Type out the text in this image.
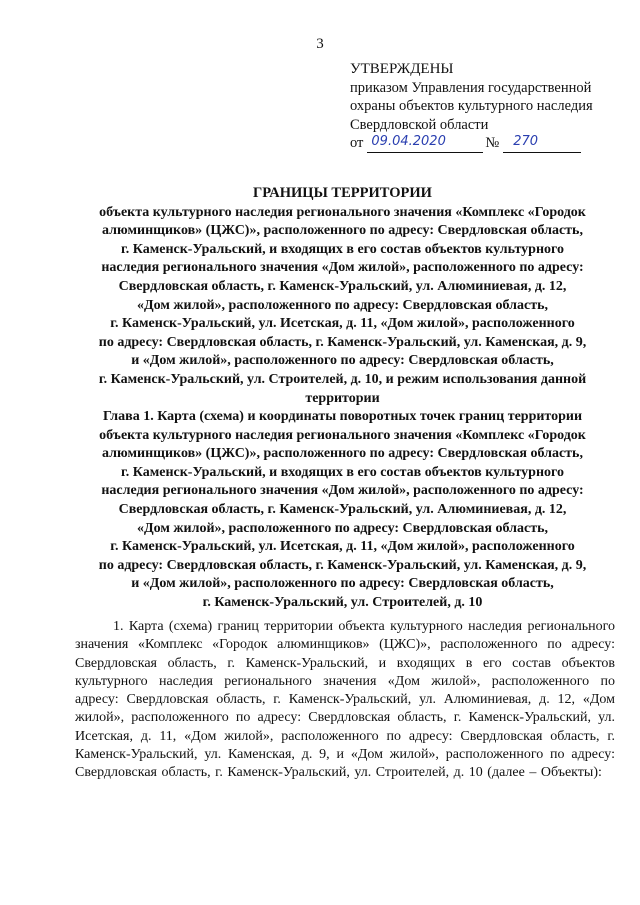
3
УТВЕРЖДЕНЫ
приказом Управления государственной
охраны объектов культурного наследия
Свердловской области
от 09.04.2020	№ 270
ГРАНИЦЫ ТЕРРИТОРИИ
объекта культурного наследия регионального значения «Комплекс «Городок
алюминщиков» (ЦЖС)», расположенного по адресу: Свердловская область,
г. Каменск-Уральский, и входящих в его состав объектов культурного
наследия регионального значения «Дом жилой», расположенного по адресу:
Свердловская область, г. Каменск-Уральский, ул. Алюминиевая, д. 12,
«Дом жилой», расположенного по адресу: Свердловская область,
г. Каменск-Уральский, ул. Исетская, д. 11, «Дом жилой», расположенного
по адресу: Свердловская область, г. Каменск-Уральский, ул. Каменская, д. 9,
и «Дом жилой», расположенного по адресу: Свердловская область,
г. Каменск-Уральский, ул. Строителей, д. 10, и режим использования данной
территории
Глава 1. Карта (схема) и координаты поворотных точек границ территории
объекта культурного наследия регионального значения «Комплекс «Городок
алюминщиков» (ЦЖС)», расположенного по адресу: Свердловская область,
г. Каменск-Уральский, и входящих в его состав объектов культурного
наследия регионального значения «Дом жилой», расположенного по адресу:
Свердловская область, г. Каменск-Уральский, ул. Алюминиевая, д. 12,
«Дом жилой», расположенного по адресу: Свердловская область,
г. Каменск-Уральский, ул. Исетская, д. 11, «Дом жилой», расположенного
по адресу: Свердловская область, г. Каменск-Уральский, ул. Каменская, д. 9,
и «Дом жилой», расположенного по адресу: Свердловская область,
г. Каменск-Уральский, ул. Строителей, д. 10
1. Карта (схема) границ территории объекта культурного наследия регионального значения «Комплекс «Городок алюминщиков» (ЦЖС)», расположенного по адресу: Свердловская область, г. Каменск-Уральский, и входящих в его состав объектов культурного наследия регионального значения «Дом жилой», расположенного по адресу: Свердловская область, г. Каменск-Уральский, ул. Алюминиевая, д. 12, «Дом жилой», расположенного по адресу: Свердловская область, г. Каменск-Уральский, ул. Исетская, д. 11, «Дом жилой», расположенного по адресу: Свердловская область, г. Каменск-Уральский, ул. Каменская, д. 9, и «Дом жилой», расположенного по адресу: Свердловская область, г. Каменск-Уральский, ул. Строителей, д. 10 (далее – Объекты):
